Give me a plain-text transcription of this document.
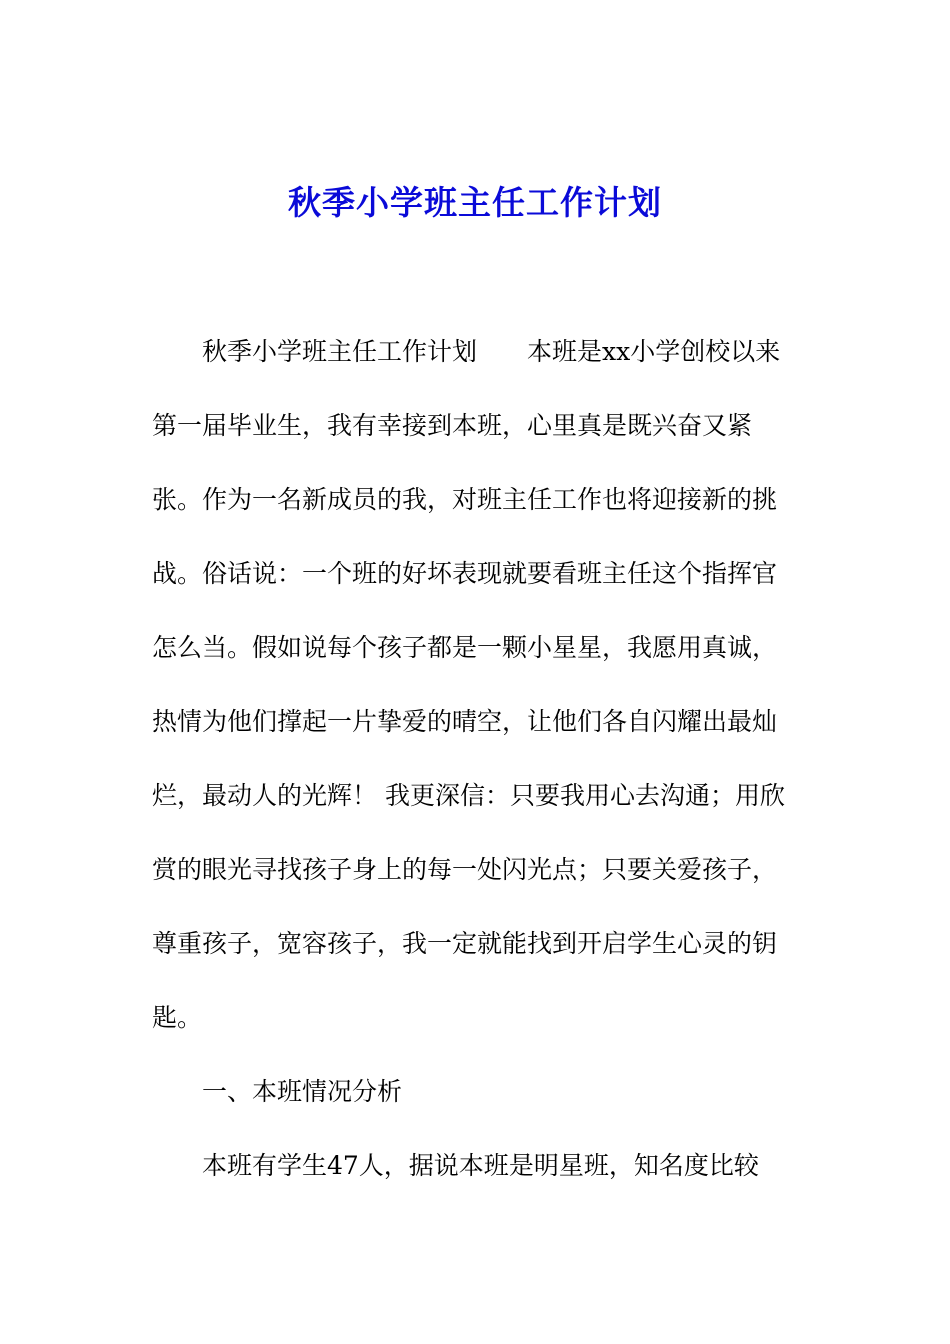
秋季小学班主任工作计划
秋季小学班主任工作计划　　本班是xx小学创校以来
第一届毕业生，我有幸接到本班，心里真是既兴奋又紧
张。作为一名新成员的我，对班主任工作也将迎接新的挑
战。俗话说：一个班的好坏表现就要看班主任这个指挥官
怎么当。假如说每个孩子都是一颗小星星，我愿用真诚，
热情为他们撑起一片挚爱的晴空，让他们各自闪耀出最灿
烂，最动人的光辉！ 我更深信：只要我用心去沟通；用欣
赏的眼光寻找孩子身上的每一处闪光点；只要关爱孩子，
尊重孩子，宽容孩子，我一定就能找到开启学生心灵的钥
匙。
一、本班情况分析
本班有学生47人，据说本班是明星班，知名度比较
